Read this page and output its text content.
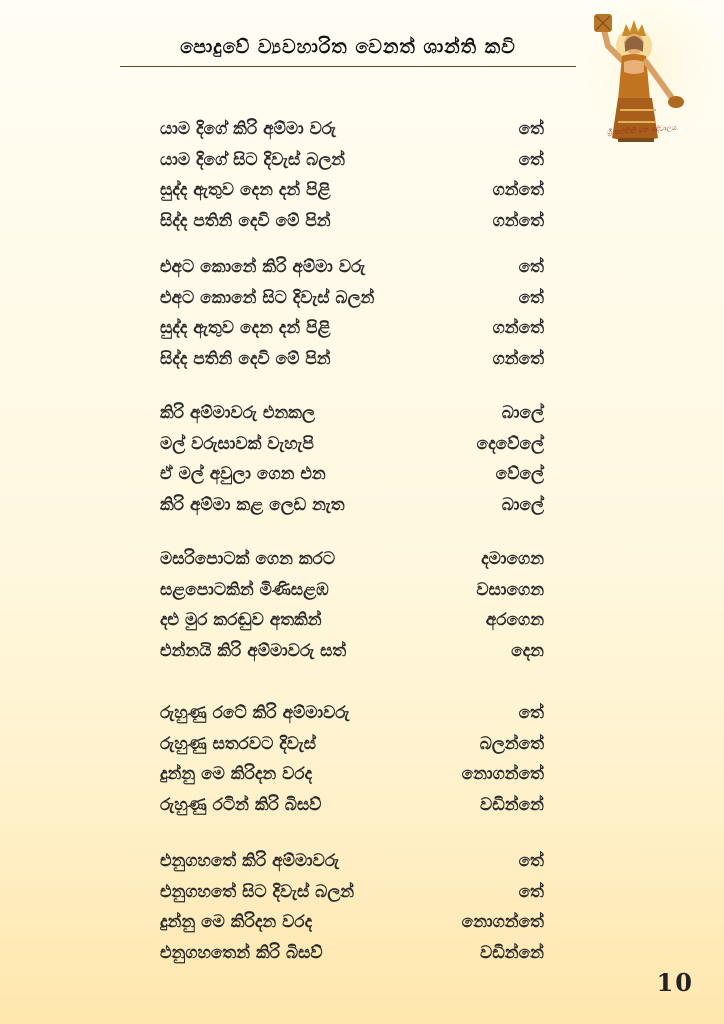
පොදුවේ ව්‍යවහාරිත වෙනත් ශාන්ති කවි
ශ්‍රී පත්තිනි මහ දේවාලය
යාම දිගේ කිරි අම්මා වරු	තේ
යාම දිගේ සිට දිවැස් බලන්	තේ
සුද්ද ඇතුව දෙන දන් පිළි	ගන්තේ
සිද්ද පතිනි දෙවි මේ පින්	ගන්තේ
එඅට කොනේ කිරි අම්මා වරු	තේ
එඅට කොනේ සිට දිවැස් බලන්	තේ
සුද්ද ඇතුව දෙන දන් පිළි	ගන්තේ
සිද්ද පතිනි දෙවි මේ පින්	ගන්තේ
කිරි අම්මාවරු එනකල	බාලේ
මල් වරුසාවක් වැහැපි	දෙවේලේ
ඒ මල් අවුලා ගෙන එන	වේලේ
කිරි අම්මා කළ ලෙඩ නැත	බාලේ
මසරිපොටක් ගෙන කරට	දමාගෙන
සළපොටකින් මිණිසළඹ	වසාගෙන
දළු මුර කරඬුව අතකින්	අරගෙන
එන්නයි කිරි අම්මාවරු සත්	දෙන
රුහුණු රටේ කිරි අම්මාවරු	තේ
රුහුණු සතරවට දිවැස්	බලන්තේ
දුන්නු මෙ කිරිදන වරද	නොගන්තේ
රුහුණු රටින් කිරි බිසව්	වඩින්නේ
එනුගහතේ කිරි අම්මාවරු	තේ
එනුගහතේ සිට දිවැස් බලන්	තේ
දුන්නු මෙ කිරිදන වරද	නොගන්තේ
එනුගහතෙන් කිරි බිසව්	වඩින්නේ
10
